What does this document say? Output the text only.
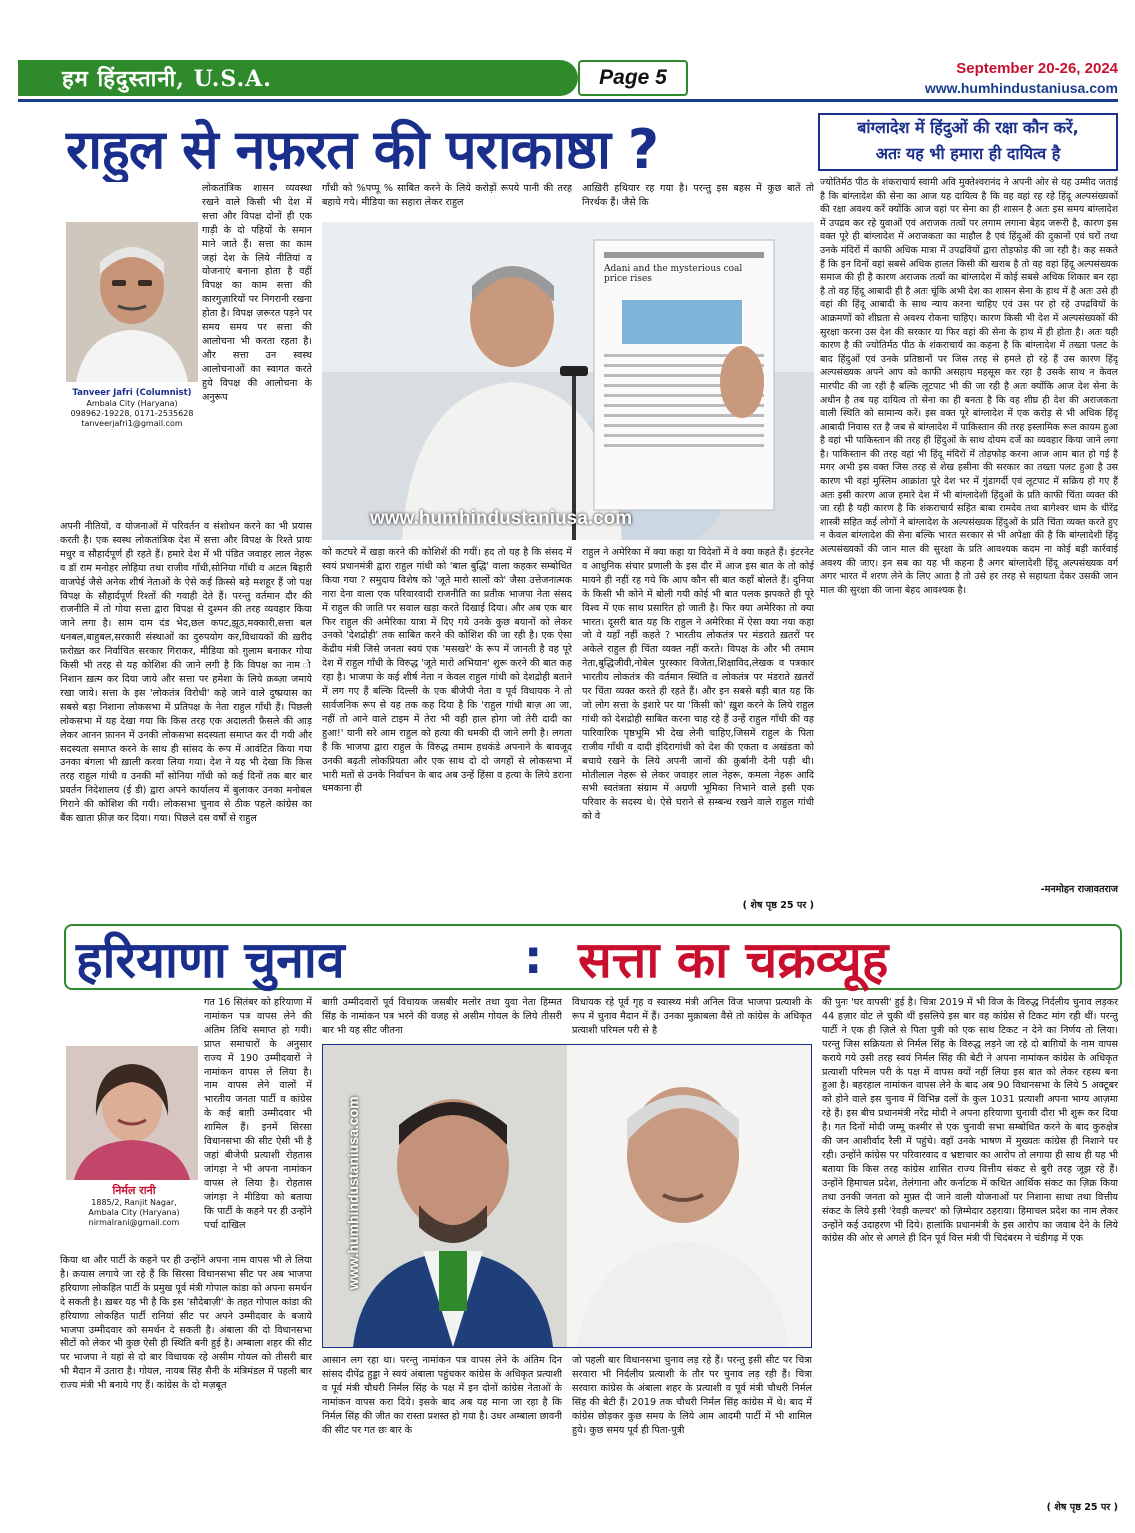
हम हिंदुस्तानी, U.S.A.	Page 5	September 20-26, 2024
www.humhindustaniusa.com
राहुल से नफ़रत की पराकाष्ठा ?	बांग्लादेश में हिंदुओं की रक्षा कौन करें,
अतः यह भी हमारा ही दायित्व है
लोकतांत्रिक शासन व्यवस्था रखने वाले किसी भी देश में सत्ता और विपक्ष दोनों ही एक गाड़ी के दो पहियों के समान माने जाते हैं। सत्ता का काम जहां देश के लिये नीतियां व योजनाएं बनाना होता है वहीं विपक्ष का काम सत्ता की कारगुज़ारियों पर निगरानी रखना होता है। विपक्ष ज़रूरत पड़ने पर समय समय पर सत्ता की आलोचना भी करता रहता है। और सत्ता उन स्वस्थ आलोचनाओं का स्वागत करते हुये विपक्ष की आलोचना के अनुरूप
Tanveer Jafri (Columnist)
Ambala City (Haryana)
098962-19228, 0171-2535628
tanveerjafri1@gmail.com
अपनी नीतियों, व योजनाओं में परिवर्तन व संशोधन करने का भी प्रयास करती है। एक स्वस्थ लोकतांत्रिक देश में सत्ता और विपक्ष के रिश्ते प्रायः मधुर व सौहार्दपूर्ण ही रहते हैं। हमारे देश में भी पंडित जवाहर लाल नेहरू व डॉ राम मनोहर लोहिया तथा राजीव गाँधी,सोनिया गाँधी व अटल बिहारी वाजपेई जैसे अनेक शीर्ष नेताओं के ऐसे कई क़िस्से बड़े मशहूर हैं जो पक्ष विपक्ष के सौहार्दपूर्ण रिश्तों की गवाही देते हैं। परन्तु वर्तमान दौर की राजनीति में तो गोया सत्ता द्वारा विपक्ष से दुश्मन की तरह व्यवहार किया जाने लगा है। साम दाम दंड भेद,छल कपट,झूठ,मक्कारी,सत्ता बल धनबल,बाहुबल,सरकारी संस्थाओं का दुरुपयोग कर,विधायकों की ख़रीद फ़रोख़्त कर निर्वाचित सरकार गिराकर, मीडिया को ग़ुलाम बनाकर गोया किसी भी तरह से यह कोशिश की जाने लगी है कि विपक्ष का नाम ो निशान ख़त्म कर दिया जाये और सत्ता पर हमेशा के लिये क़ब्ज़ा जमाये रखा जाये। सत्ता के इस 'लोकतंत्र विरोधी' कहे जाने वाले दुष्प्रयास का सबसे बड़ा निशाना लोकसभा में प्रतिपक्ष के नेता राहुल गाँधी हैं। पिछली लोकसभा में यह देखा गया कि किस तरह एक अदालती फ़ैसले की आड़ लेकर आनन फ़ानन में उनकी लोकसभा सदस्यता समाप्त कर दी गयी और सदस्यता समाप्त करने के साथ ही सांसद के रूप में आवंटित किया गया उनका बंगला भी ख़ाली करवा लिया गया। देश ने यह भी देखा कि किस तरह राहुल गांधी व उनकी माँ सोनिया गाँधी को कई दिनों तक बार बार प्रवर्तन निदेशालय (ई डी) द्वारा अपने कार्यालय में बुलाकर उनका मनोबल गिराने की कोशिश की गयी। लोकसभा चुनाव से ठीक पहले कांग्रेस का बैंक खाता फ़्रीज़ कर दिया। गया। पिछले दस वर्षों से राहुल
गाँधी को %पप्पू % साबित करने के लिये करोड़ों रूपये पानी की तरह बहाये गये। मीडिया का सहारा लेकर राहुल
आख़िरी हथियार रह गया है। परन्तु इस बहस में कुछ बातें तो निरर्थक हैं। जैसे कि
Adani and the mysterious coal price rises
www.humhindustaniusa.com
को कटघरे में खड़ा करने की कोशिशें की गयीं। हद तो यह है कि संसद में स्वयं प्रधानमंत्री द्वारा राहुल गांधी को 'बाल बुद्धि' वाला कहकर सम्बोधित किया गया ? समुदाय विशेष को 'जूते मारो सालों को' जैसा उत्तेजनात्मक नारा देना वाला एक परिवारवादी राजनीति का प्रतीक भाजपा नेता संसद में राहुल की जाति पर सवाल खड़ा करते दिखाई दिया। और अब एक बार फिर राहुल की अमेरिका यात्रा में दिए गये उनके कुछ बयानों को लेकर उनको 'देशद्रोही' तक साबित करने की कोशिश की जा रही है। एक ऐसा केंद्रीय मंत्री जिसे जनता स्वयं एक 'मसखरे' के रूप में जानती है वह पूरे देश में राहुल गाँधी के विरुद्ध 'जूते मारो अभियान' शुरू करने की बात कह रहा है। भाजपा के कई शीर्ष नेता न केवल राहुल गांधी को देशद्रोही बताने में लग गए हैं बल्कि दिल्ली के एक बीजेपी नेता व पूर्व विधायक ने तो सार्वजनिक रूप से यह तक कह दिया है कि 'राहुल गांधी बाज़ आ जा, नहीं तो आने वाले टाइम में तेरा भी वही हाल होगा जो तेरी दादी का हुआ!' यानी सरे आम राहुल को हत्या की धमकी दी जाने लगी है। लगता है कि भाजपा द्वारा राहुल के विरुद्ध तमाम हथकंडे अपनाने के बावजूद उनकी बढ़ती लोकप्रियता और एक साथ दो दो जगहों से लोकसभा में भारी मतों से उनके निर्वाचन के बाद अब उन्हें हिंसा व हत्या के लिये डराना धमकाना ही
राहुल ने अमेरिका में क्या कहा या विदेशों में वे क्या कहते हैं। इंटरनेट व आधुनिक संचार प्रणाली के इस दौर में आज इस बात के तो कोई मायने ही नहीं रह गये कि आप कौन सी बात कहाँ बोलते हैं। दुनिया के किसी भी कोने में बोली गयी कोई भी बात पलक झपकते ही पूरे विश्व में एक साथ प्रसारित हो जाती है। फिर क्या अमेरिका तो क्या भारत। दूसरी बात यह कि राहुल ने अमेरिका में ऐसा क्या नया कहा जो वे यहाँ नहीं कहते ? भारतीय लोकतंत्र पर मंडराते ख़तरों पर अकेले राहुल ही चिंता व्यक्त नहीं करते। विपक्ष के और भी तमाम नेता,बुद्धिजीवी,नोबेल पुरस्कार विजेता,शिक्षाविद,लेखक व पत्रकार भारतीय लोकतंत्र की वर्तमान स्थिति व लोकतंत्र पर मंडराते ख़तरों पर चिंता व्यक्त करते ही रहते हैं। और इन सबसे बड़ी बात यह कि जो लोग सत्ता के इशारे पर या 'किसी को' ख़ुश करने के लिये राहुल गांधी को देशद्रोही साबित करना चाह रहे हैं उन्हें राहुल गाँधी की वह पारिवारिक पृष्ठभूमि भी देख लेनी चाहिए,जिसमें राहुल के पिता राजीव गाँधी व दादी इंदिरागांधी को देश की एकता व अखंडता को बचाये रखने के लिये अपनी जानों की क़ुर्बानी देनी पड़ी थी। मोतीलाल नेहरू से लेकर जवाहर लाल नेहरू, कमला नेहरू आदि सभी स्वतंत्रता संग्राम में अग्रणी भूमिका निभाने वाले इसी एक परिवार के सदस्य थे। ऐसे घराने से सम्बन्ध रखने वाले राहुल गांधी को वे
( शेष पृष्ठ 25 पर )
ज्योतिर्मठ पीठ के शंकराचार्य स्वामी अवि मुक्तेश्वरानंद ने अपनी ओर से यह उम्मीद जताई है कि बांग्लादेश की सेना का आज यह दायित्व है कि वह वहां रह रहे हिंदू अल्पसंख्यकों की रक्षा अवश्य करें क्योंकि आज वहां पर सेना का ही शासन है अतः इस समय बांग्लादेश में उपद्रव कर रहे युवाओं एवं अराजक तत्वों पर लगाम लगाना बेहद जरूरी है, कारण इस वक्त पूरे ही बांग्लादेश में अराजकता का माहौल है एवं हिंदुओं की दुकानों एवं घरों तथा उनके मंदिरों में काफी अधिक मात्रा में उपद्रवियों द्वारा तोड़फोड़ की जा रही है। कह सकते हैं कि इन दिनों वहां सबसे अधिक हालत किसी की खराब है तो वह वहां हिंदू अल्पसंख्यक समाज की ही है कारण अराजक तत्वों का बांग्लादेश में कोई सबसे अधिक शिकार बन रहा है तो वह हिंदू आबादी ही है अतः चूंकि अभी देश का शासन सेना के हाथ में है अतः उसे ही वहां की हिंदू आबादी के साथ न्याय करना चाहिए एवं उस पर हो रहे उपद्रवियों के आक्रमणों को शीघ्रता से अवश्य रोकना चाहिए। कारण किसी भी देश में अल्पसंख्यकों की सुरक्षा करना उस देश की सरकार या फिर वहां की सेना के हाथ में ही होता है। अतः यही कारण है की ज्योतिर्मठ पीठ के शंकराचार्य का कहना है कि बांग्लादेश में तख्ता पलट के बाद हिंदुओं एवं उनके प्रतिष्ठानों पर जिस तरह से हमले हो रहे हैं उस कारण हिंदू अल्पसंख्यक अपने आप को काफी असहाय महसूस कर रहा है उसके साथ न केवल मारपीट की जा रही है बल्कि लूटपाट भी की जा रही है अतः क्योंकि आज देश सेना के अधीन है तब यह दायित्व तो सेना का ही बनता है कि वह शीघ्र ही देश की अराजकता वाली स्थिति को सामान्य करें। इस वक्त पूरे बांग्लादेश में एक करोड़ से भी अधिक हिंदू आबादी निवास रत है जब से बांग्लादेश में पाकिस्तान की तरह इस्लामिक रूल कायम हुआ है वहां भी पाकिस्तान की तरह ही हिंदुओं के साथ दोयम दर्जे का व्यवहार किया जाने लगा है। पाकिस्तान की तरह वहां भी हिंदू मंदिरों में तोड़फोड़ करना आज आम बात हो गई है मगर अभी इस वक्त जिस तरह से शेख हसीना की सरकार का तख्ता पलट हुआ है उस कारण भी वहां मुस्लिम आक्रांता पूरे देश भर में गुंडागर्दी एवं लूटपाट में सक्रिय हो गए हैं अतः इसी कारण आज हमारे देश में भी बांग्लादेशी हिंदुओं के प्रति काफी चिंता व्यक्त की जा रही है यही कारण है कि शंकराचार्य सहित बाबा रामदेव तथा बागेश्वर धाम के धीरेंद्र शास्त्री सहित कई लोगों ने बांग्लादेश के अल्पसंख्यक हिंदुओं के प्रति चिंता व्यक्त करते हुए न केवल बांग्लादेश की सेना बल्कि भारत सरकार से भी अपेक्षा की है कि बांग्लादेशी हिंदू अल्पसंख्यकों की जान माल की सुरक्षा के प्रति आवश्यक कदम ना कोई बड़ी कार्रवाई अवश्य की जाए। इन सब का यह भी कहना है अगर बांग्लादेशी हिंदू अल्पसंख्यक वर्ग अगर भारत में शरण लेने के लिए आता है तो उसे हर तरह से सहायता देकर उसकी जान माल की सुरक्षा की जाना बेहद आवश्यक है।
-मनमोहन राजावतराज
हरियाणा चुनाव	: सत्ता का चक्रव्यूह
गत 16 सितंबर को हरियाणा में नामांकन पत्र वापस लेने की अंतिम तिथि समाप्त हो गयी। प्राप्त समाचारों के अनुसार राज्य में 190 उम्मीदवारों ने नामांकन वापस ले लिया है। नाम वापस लेने वालों में भारतीय जनता पार्टी व कांग्रेस के कई बाग़ी उम्मीदवार भी शामिल हैं। इनमें सिरसा विधानसभा की सीट ऐसी भी है जहां बीजेपी प्रत्याशी रोहतास जांगड़ा ने भी अपना नामांकन वापस ले लिया है। रोहतास जांगड़ा ने मीडिया को बताया कि पार्टी के कहने पर ही उन्होंने पर्चा दाखिल
निर्मल रानी
1885/2, Ranjit Nagar,
Ambala City (Haryana)
nirmalrani@gmail.com
किया था और पार्टी के कहने पर ही उन्होंने अपना नाम वापस भी ले लिया है। क़यास लगाये जा रहे हैं कि सिरसा विधानसभा सीट पर अब भाजपा हरियाणा लोकहित पार्टी के प्रमुख पूर्व मंत्री गोपाल कांडा को अपना समर्थन दे सकती है। ख़बर यह भी है कि इस 'सौदेबाज़ी' के तहत गोपाल कांडा की हरियाणा लोकहित पार्टी रानियां सीट पर अपने उम्मीदवार के बजाये भाजपा उम्मीदवार को समर्थन दे सकती है। अंबाला की दो विधानसभा सीटों को लेकर भी कुछ ऐसी ही स्थिति बनी हुई है। अम्बाला शहर की सीट पर भाजपा ने यहां से दो बार विधायक रहे असीम गोयल को तीसरी बार भी मैदान में उतारा है। गोयल, नायब सिंह सैनी के मंत्रिमंडल में पहली बार राज्य मंत्री भी बनाये गए हैं। कांग्रेस के दो मज़बूत
बाग़ी उम्मीदवारों पूर्व विधायक जसबीर मलोर तथा युवा नेता हिम्मत सिंह के नामांकन पत्र भरने की वजह से असीम गोयल के लिये तीसरी बार भी यह सीट जीतना
विधायक रहे पूर्व गृह व स्वास्थ्य मंत्री अनिल विज भाजपा प्रत्याशी के रूप में चुनाव मैदान में हैं। उनका मुक़ाबला वैसे तो कांग्रेस के अधिकृत प्रत्याशी परिमल परी से है
www.humhindustaniusa.com
आसान लग रहा था। परन्तु नामांकन पत्र वापस लेने के अंतिम दिन सांसद दीपेंद्र हुड्डा ने स्वयं अंबाला पहुंचकर कांग्रेस के अधिकृत प्रत्याशी व पूर्व मंत्री चौधरी निर्मल सिंह के पक्ष में इन दोनों कांग्रेस नेताओं के नामांकन वापस करा दिये। इसके बाद अब यह माना जा रहा है कि निर्मल सिंह की जीत का रास्ता प्रशस्त हो गया है। उधर अम्बाला छावनी की सीट पर गत छः बार के
जो पहली बार विधानसभा चुनाव लड़ रहे हैं। परन्तु इसी सीट पर चित्रा सरवारा भी निर्दलीय प्रत्याशी के तौर पर चुनाव लड़ रही हैं। चित्रा सरवारा कांग्रेस के अंबाला शहर के प्रत्याशी व पूर्व मंत्री चौधरी निर्मल सिंह की बेटी हैं। 2019 तक चौधरी निर्मल सिंह कांग्रेस में थे। बाद में कांग्रेस छोड़कर कुछ समय के लिये आम आदमी पार्टी में भी शामिल हुये। कुछ समय पूर्व ही पिता-पुत्री
की पुनः 'घर वापसी' हुई है। चित्रा 2019 में भी विज के विरुद्ध निर्दलीय चुनाव लड़कर 44 हज़ार वोट ले चुकी थीं इसलिये इस बार वह कांग्रेस से टिकट मांग रही थीं। परन्तु पार्टी ने एक ही ज़िले से पिता पुत्री को एक साथ टिकट न देने का निर्णय तो लिया। परन्तु जिस सक्रियता से निर्मल सिंह के विरुद्ध लड़ने जा रहे दो बाग़ियों के नाम वापस कराये गये उसी तरह स्वयं निर्मल सिंह की बेटी ने अपना नामांकन कांग्रेस के अधिकृत प्रत्याशी परिमल परी के पक्ष में वापस क्यों नहीं लिया इस बात को लेकर रहस्य बना हुआ है। बहरहाल नामांकन वापस लेने के बाद अब 90 विधानसभा के लिये 5 अक्टूबर को होने वाले इस चुनाव में विभिन्न दलों के कुल 1031 प्रत्याशी अपना भाग्य आज़मा रहे हैं। इस बीच प्रधानमंत्री नरेंद्र मोदी ने अपना हरियाणा चुनावी दौरा भी शुरू कर दिया है। गत दिनों मोदी जम्मू कश्मीर से एक चुनावी सभा सम्बोधित करने के बाद कुरुक्षेत्र की जन आशीर्वाद रैली में पहुंचे। वहाँ उनके भाषण में मुख्यतः कांग्रेस ही निशाने पर रही। उन्होंने कांग्रेस पर परिवारवाद व भ्रष्टाचार का आरोप तो लगाया ही साथ ही यह भी बताया कि किस तरह कांग्रेस शासित राज्य वित्तीय संकट से बुरी तरह जूझ रहे हैं। उन्होंने हिमाचल प्रदेश, तेलंगाना और कर्नाटक में कथित आर्थिक संकट का ज़िक्र किया तथा उनकी जनता को मुफ़्त दी जाने वाली योजनाओं पर निशाना साधा तथा वित्तीय संकट के लिये इसी 'रेवड़ी कल्चर' को ज़िम्मेदार ठहराया। हिमाचल प्रदेश का नाम लेकर उन्होंने कई उदाहरण भी दिये। हालांकि प्रधानमंत्री के इस आरोप का जवाब देने के लिये कांग्रेस की ओर से अगले ही दिन पूर्व वित्त मंत्री पी चिदंबरम ने चंडीगढ़ में एक
( शेष पृष्ठ 25 पर )
